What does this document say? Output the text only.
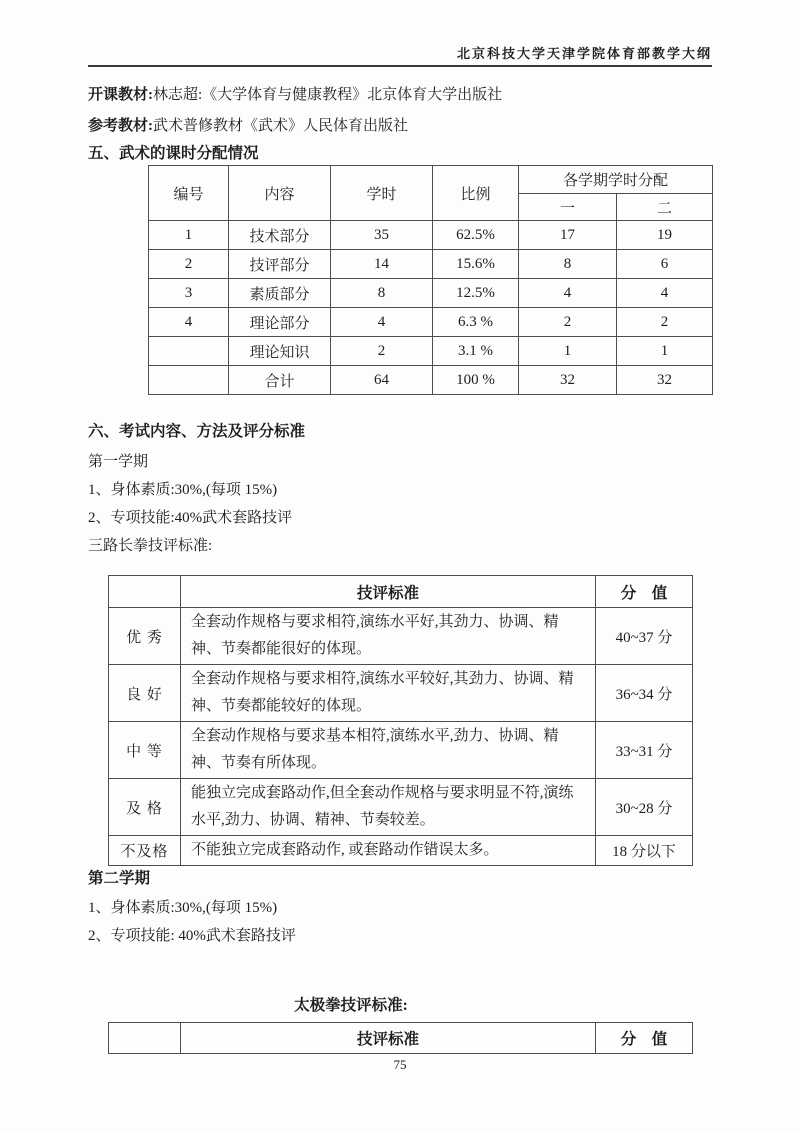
北京科技大学天津学院体育部教学大纲

开课教材:林志超:《大学体育与健康教程》北京体育大学出版社

参考教材:武术普修教材《武术》人民体育出版社

五、武术的课时分配情况
编号	内容	学时	比例	各学期学时分配	
				一	二
1	技术部分	35	62.5%	17	19
2	技评部分	14	15.6%	8	6
3	素质部分	8	12.5%	4	4
4	理论部分	4	6.3 %	2	2
	理论知识	2	3.1 %	1	1
	合计	64	100 %	32	32
六、考试内容、方法及评分标准

第一学期

1、身体素质:30%,(每项 15%)

2、专项技能:40%武术套路技评

三路长拳技评标准:

	技评标准	分　值
优 秀	全套动作规格与要求相符,演练水平好,其劲力、协调、精神、节奏都能很好的体现。	40~37 分
良 好	全套动作规格与要求相符,演练水平较好,其劲力、协调、精神、节奏都能较好的体现。	36~34 分
中 等	全套动作规格与要求基本相符,演练水平,劲力、协调、精神、节奏有所体现。	33~31 分
及 格	能独立完成套路动作,但全套动作规格与要求明显不符,演练水平,劲力、协调、精神、节奏较差。	30~28 分
不及格	不能独立完成套路动作, 或套路动作错误太多。	18 分以下
第二学期

1、身体素质:30%,(每项 15%)

2、专项技能: 40%武术套路技评

太极拳技评标准:
	技评标准	分　值
75
